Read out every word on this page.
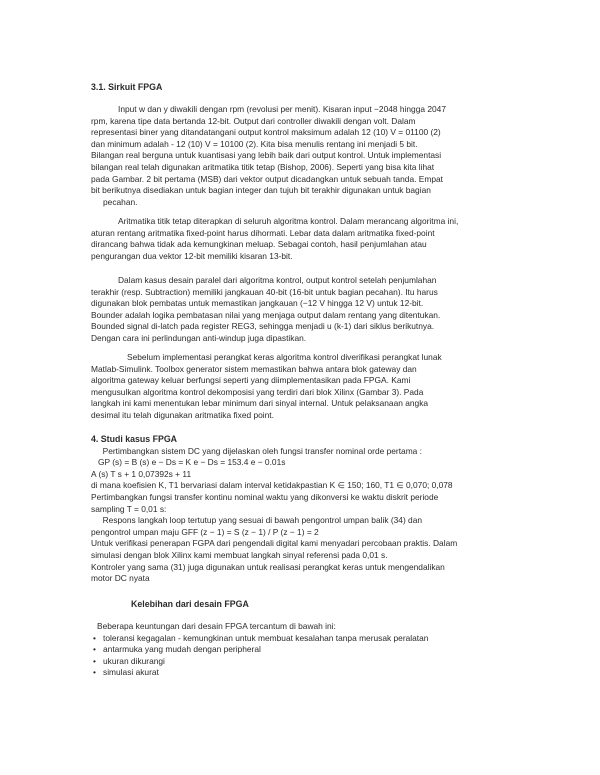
3.1. Sirkuit FPGA
Input w dan y diwakili dengan rpm (revolusi per menit). Kisaran input −2048 hingga 2047
rpm, karena tipe data bertanda 12-bit. Output dari controller diwakili dengan volt. Dalam
representasi biner yang ditandatangani output kontrol maksimum adalah 12 (10) V = 01100 (2)
dan minimum adalah - 12 (10) V = 10100 (2). Kita bisa menulis rentang ini menjadi 5 bit.
Bilangan real berguna untuk kuantisasi yang lebih baik dari output kontrol. Untuk implementasi
bilangan real telah digunakan aritmatika titik tetap (Bishop, 2006). Seperti yang bisa kita lihat
pada Gambar. 2 bit pertama (MSB) dari vektor output dicadangkan untuk sebuah tanda. Empat
bit berikutnya disediakan untuk bagian integer dan tujuh bit terakhir digunakan untuk bagian
pecahan.
Aritmatika titik tetap diterapkan di seluruh algoritma kontrol. Dalam merancang algoritma ini,
aturan rentang aritmatika fixed-point harus dihormati. Lebar data dalam aritmatika fixed-point
dirancang bahwa tidak ada kemungkinan meluap. Sebagai contoh, hasil penjumlahan atau
pengurangan dua vektor 12-bit memiliki kisaran 13-bit.
Dalam kasus desain paralel dari algoritma kontrol, output kontrol setelah penjumlahan
terakhir (resp. Subtraction) memiliki jangkauan 40-bit (16-bit untuk bagian pecahan). Itu harus
digunakan blok pembatas untuk memastikan jangkauan (−12 V hingga 12 V) untuk 12-bit.
Bounder adalah logika pembatasan nilai yang menjaga output dalam rentang yang ditentukan.
Bounded signal di-latch pada register REG3, sehingga menjadi u (k-1) dari siklus berikutnya.
Dengan cara ini perlindungan anti-windup juga dipastikan.
Sebelum implementasi perangkat keras algoritma kontrol diverifikasi perangkat lunak
Matlab-Simulink. Toolbox generator sistem memastikan bahwa antara blok gateway dan
algoritma gateway keluar berfungsi seperti yang diimplementasikan pada FPGA. Kami
mengusulkan algoritma kontrol dekomposisi yang terdiri dari blok Xilinx (Gambar 3). Pada
langkah ini kami menentukan lebar minimum dari sinyal internal. Untuk pelaksanaan angka
desimal itu telah digunakan aritmatika fixed point.
4. Studi kasus FPGA
Pertimbangkan sistem DC yang dijelaskan oleh fungsi transfer nominal orde pertama :
GP (s) = B (s) e − Ds = K e − Ds = 153.4 e − 0.01s
A (s) T s + 1 0,07392s + 11
di mana koefisien K, T1 bervariasi dalam interval ketidakpastian K ∈ 150; 160, T1 ∈ 0,070; 0,078
Pertimbangkan fungsi transfer kontinu nominal waktu yang dikonversi ke waktu diskrit periode
sampling T = 0,01 s:
Respons langkah loop tertutup yang sesuai di bawah pengontrol umpan balik (34) dan
pengontrol umpan maju GFF (z − 1) = S (z − 1) / P (z − 1) = 2
Untuk verifikasi penerapan FGPA dari pengendali digital kami menyadari percobaan praktis. Dalam
simulasi dengan blok Xilinx kami membuat langkah sinyal referensi pada 0,01 s.
Kontroler yang sama (31) juga digunakan untuk realisasi perangkat keras untuk mengendalikan
motor DC nyata
Kelebihan dari desain FPGA
Beberapa keuntungan dari desain FPGA tercantum di bawah ini:
• toleransi kegagalan - kemungkinan untuk membuat kesalahan tanpa merusak peralatan
• antarmuka yang mudah dengan peripheral
• ukuran dikurangi
• simulasi akurat
